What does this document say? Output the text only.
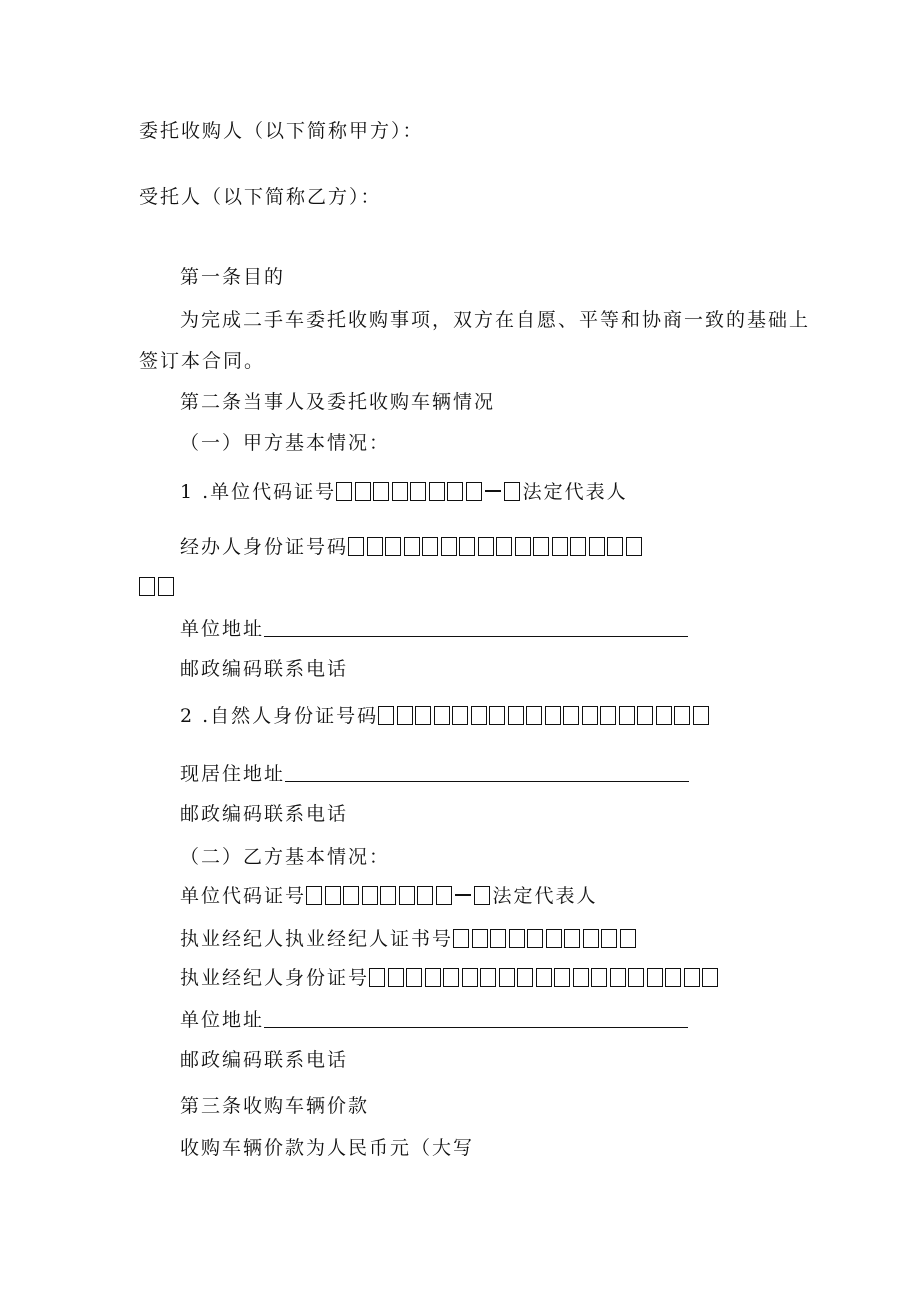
委托收购人（以下简称甲方）：
受托人（以下简称乙方）：
第一条目的
为完成二手车委托收购事项，双方在自愿、平等和协商一致的基础上
签订本合同。
第二条当事人及委托收购车辆情况
（一）甲方基本情况：
1 .单位代码证号	法定代表人
经办人身份证号码
单位地址
邮政编码联系电话
2 .自然人身份证号码
现居住地址
邮政编码联系电话
（二）乙方基本情况：
单位代码证号	法定代表人
执业经纪人执业经纪人证书号
执业经纪人身份证号
单位地址
邮政编码联系电话
第三条收购车辆价款
收购车辆价款为人民币元（大写
